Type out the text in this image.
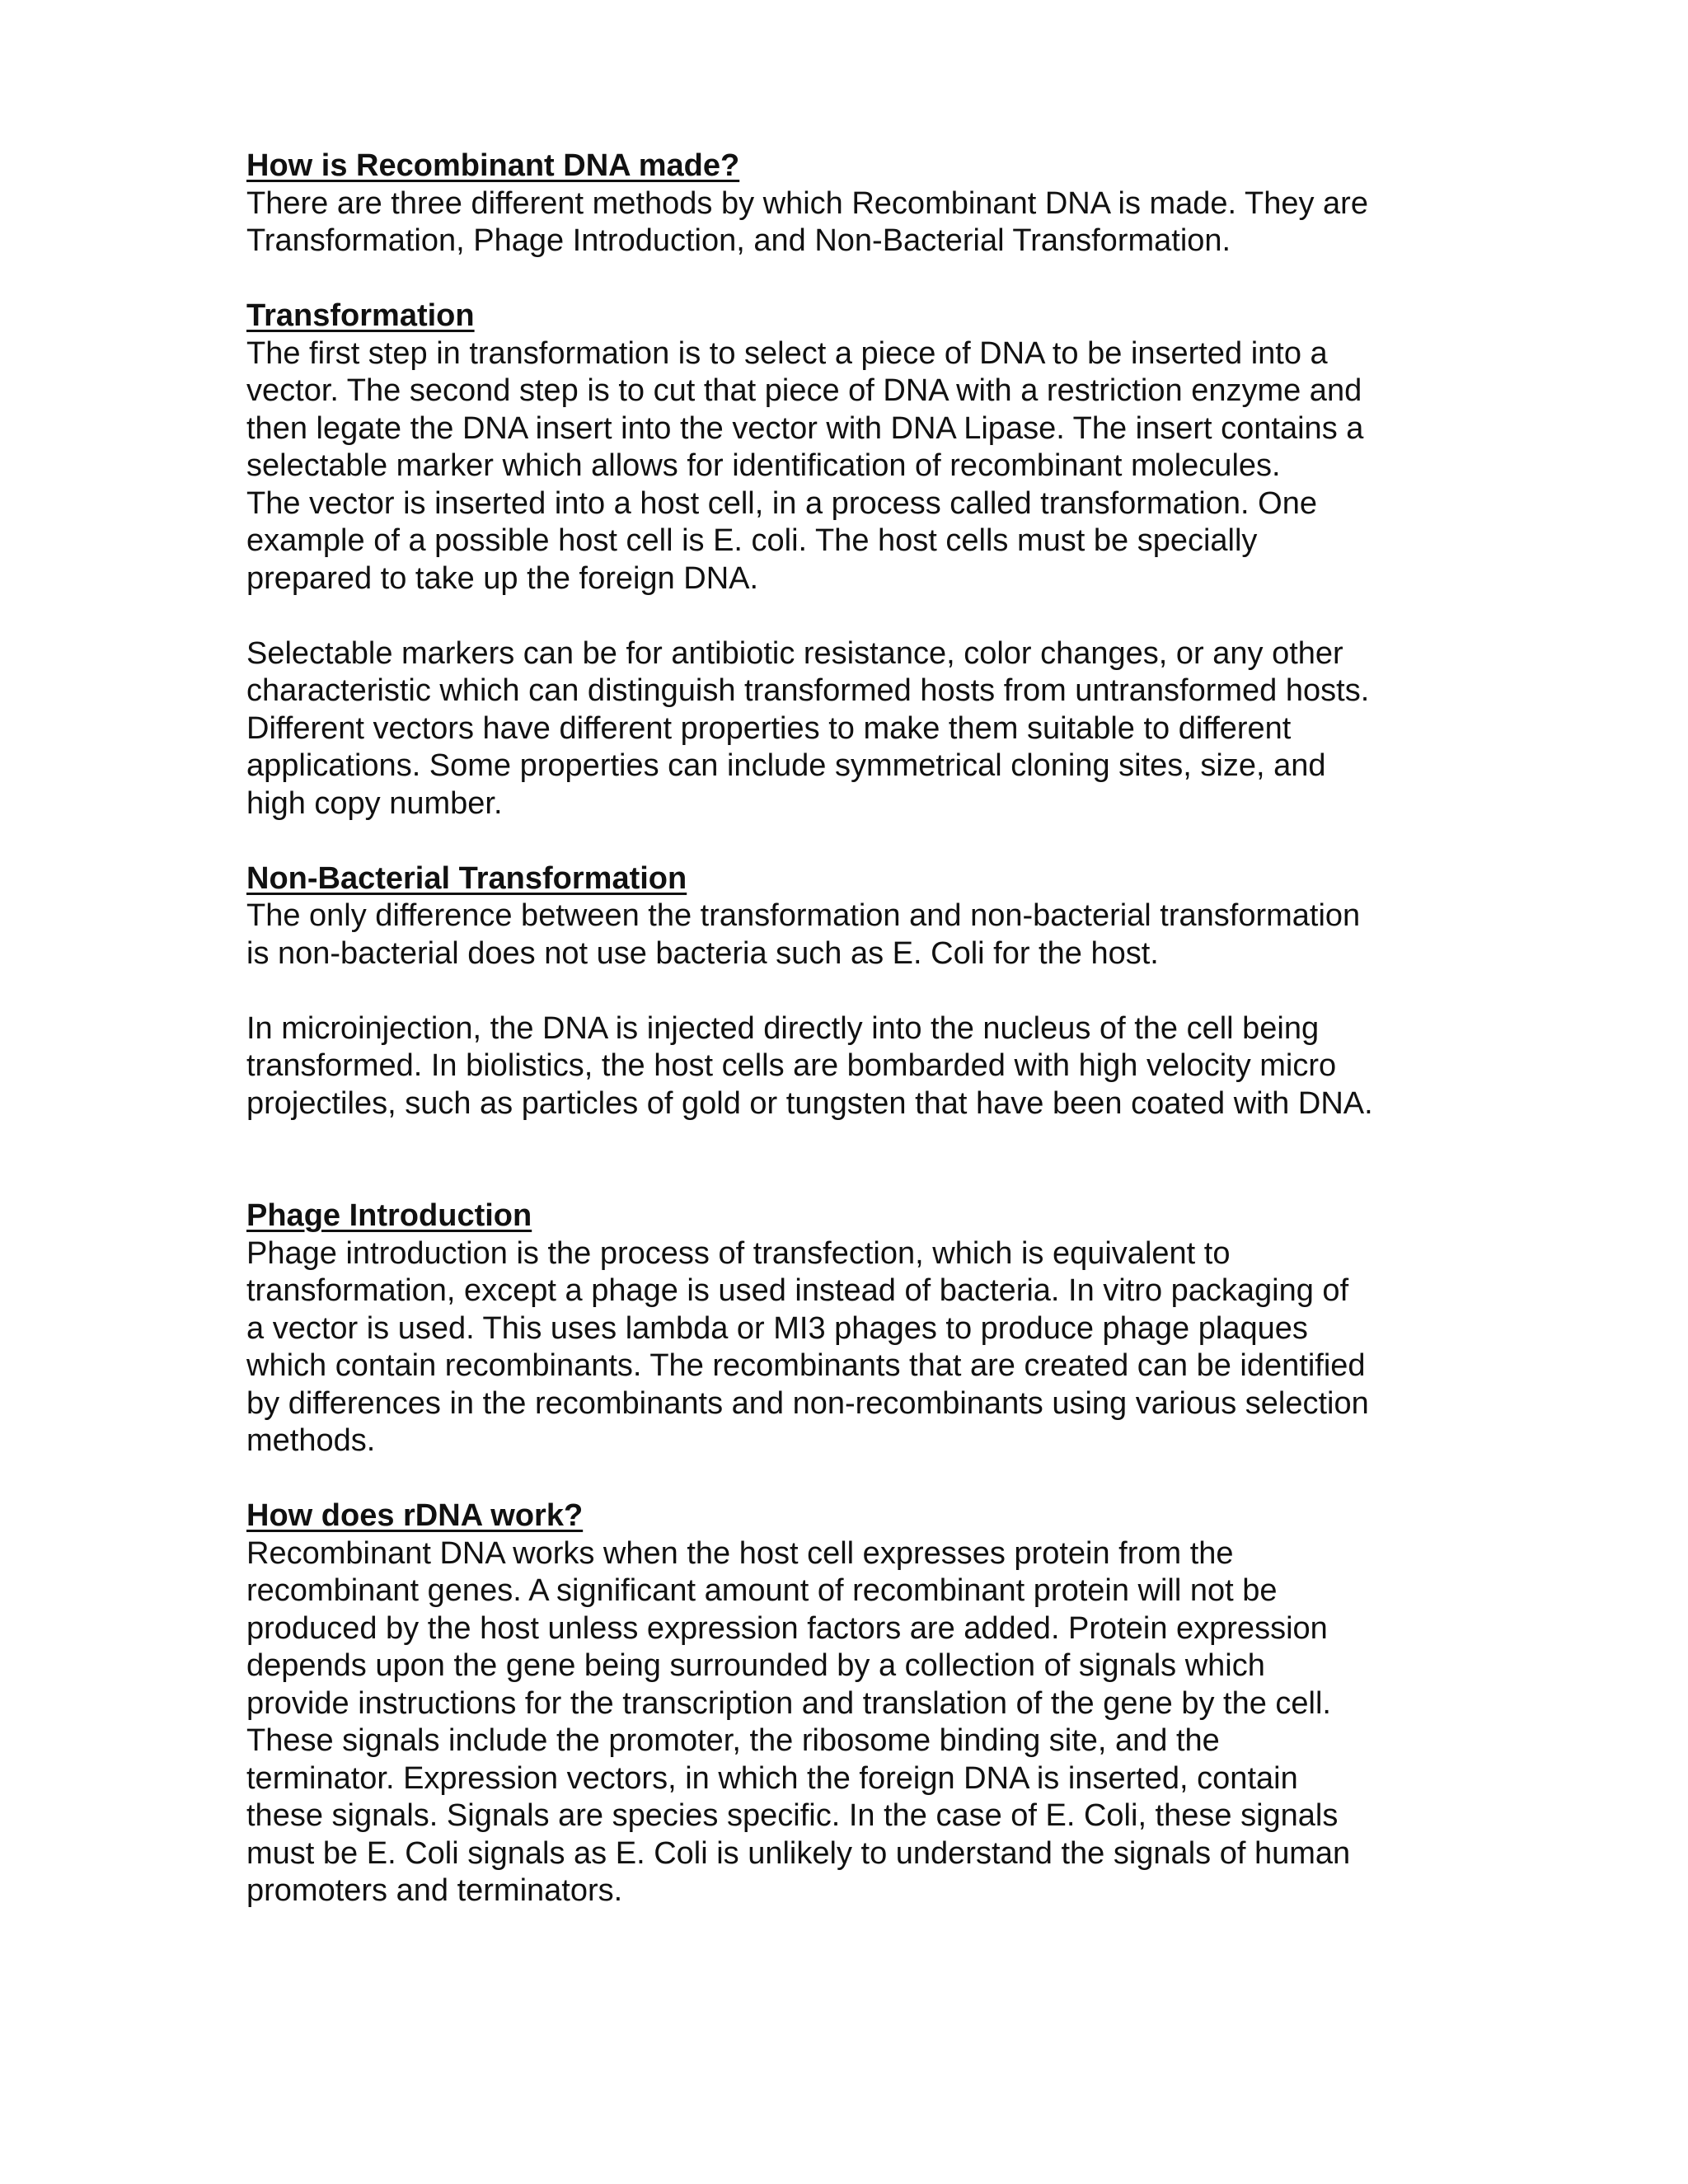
How is Recombinant DNA made?
There are three different methods by which Recombinant DNA is made. They are
Transformation, Phage Introduction, and Non-Bacterial Transformation.
Transformation
The first step in transformation is to select a piece of DNA to be inserted into a
vector. The second step is to cut that piece of DNA with a restriction enzyme and
then legate the DNA insert into the vector with DNA Lipase. The insert contains a
selectable marker which allows for identification of recombinant molecules.
The vector is inserted into a host cell, in a process called transformation. One
example of a possible host cell is E. coli. The host cells must be specially
prepared to take up the foreign DNA.
Selectable markers can be for antibiotic resistance, color changes, or any other
characteristic which can distinguish transformed hosts from untransformed hosts.
Different vectors have different properties to make them suitable to different
applications. Some properties can include symmetrical cloning sites, size, and
high copy number.
Non-Bacterial Transformation
The only difference between the transformation and non-bacterial transformation
is non-bacterial does not use bacteria such as E. Coli for the host.
In microinjection, the DNA is injected directly into the nucleus of the cell being
transformed. In biolistics, the host cells are bombarded with high velocity micro
projectiles, such as particles of gold or tungsten that have been coated with DNA.
Phage Introduction
Phage introduction is the process of transfection, which is equivalent to
transformation, except a phage is used instead of bacteria. In vitro packaging of
a vector is used. This uses lambda or MI3 phages to produce phage plaques
which contain recombinants. The recombinants that are created can be identified
by differences in the recombinants and non-recombinants using various selection
methods.
How does rDNA work?
Recombinant DNA works when the host cell expresses protein from the
recombinant genes. A significant amount of recombinant protein will not be
produced by the host unless expression factors are added. Protein expression
depends upon the gene being surrounded by a collection of signals which
provide instructions for the transcription and translation of the gene by the cell.
These signals include the promoter, the ribosome binding site, and the
terminator. Expression vectors, in which the foreign DNA is inserted, contain
these signals. Signals are species specific. In the case of E. Coli, these signals
must be E. Coli signals as E. Coli is unlikely to understand the signals of human
promoters and terminators.
